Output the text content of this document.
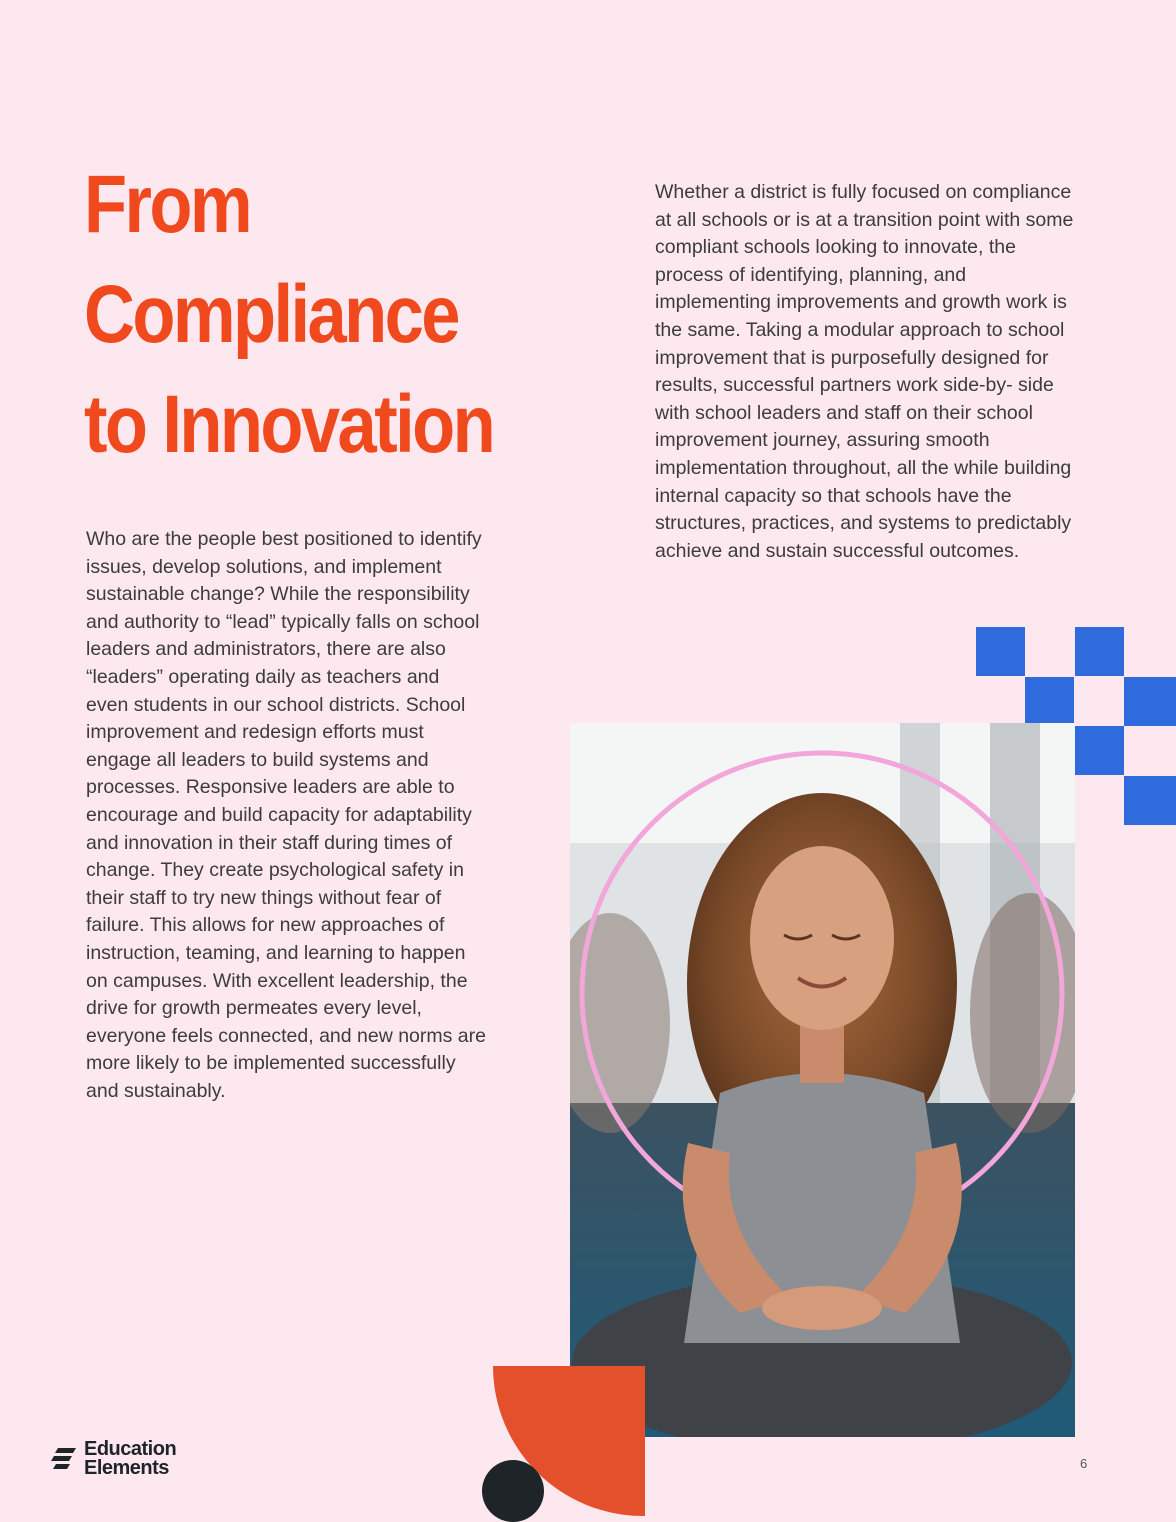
From
Compliance
to Innovation

Who are the people best positioned to identify issues, develop solutions, and implement sustainable change? While the responsibility and authority to “lead” typically falls on school leaders and administrators, there are also “leaders” operating daily as teachers and even students in our school districts. School improvement and redesign efforts must engage all leaders to build systems and processes. Responsive leaders are able to encourage and build capacity for adaptability and innovation in their staff during times of change. They create psychological safety in their staff to try new things without fear of failure. This allows for new approaches of instruction, teaming, and learning to happen on campuses. With excellent leadership, the drive for growth permeates every level, everyone feels connected, and new norms are more likely to be implemented successfully and sustainably.

Whether a district is fully focused on compliance at all schools or is at a transition point with some compliant schools looking to innovate, the process of identifying, planning, and implementing improvements and growth work is the same. Taking a modular approach to school improvement that is purposefully designed for results, successful partners work side-by- side with school leaders and staff on their school improvement journey, assuring smooth implementation throughout, all the while building internal capacity so that schools have the structures, practices, and systems to predictably achieve and sustain successful outcomes.

Education
Elements	6
